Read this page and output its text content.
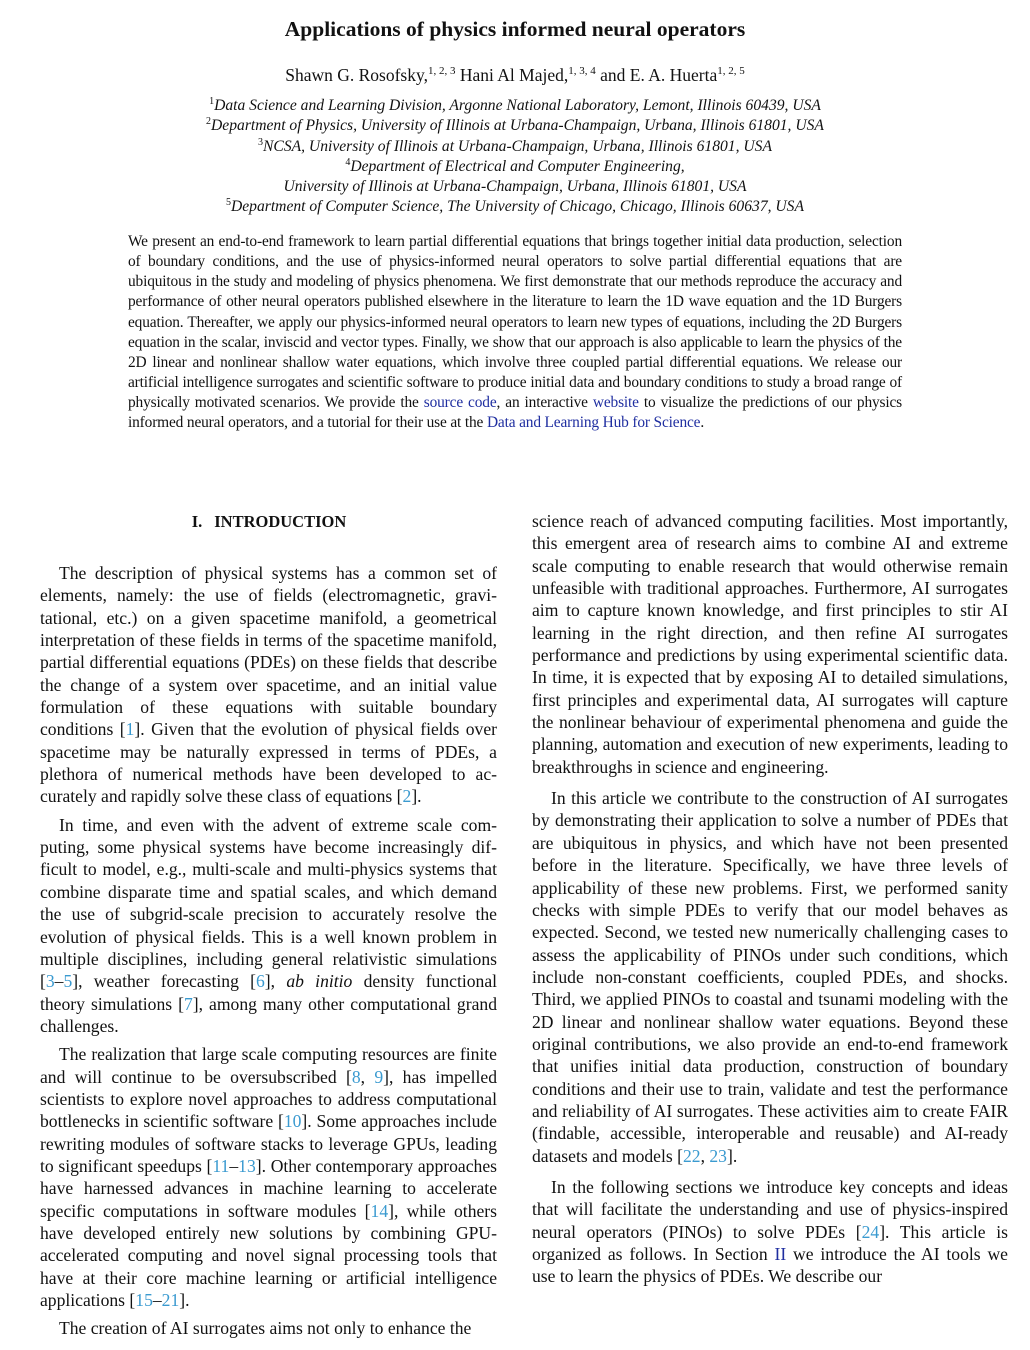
Applications of physics informed neural operators
Shawn G. Rosofsky,$^{1, 2, 3}$ Hani Al Majed,$^{1, 3, 4}$ and E. A. Huerta$^{1, 2, 5}$
$^1$Data Science and Learning Division, Argonne National Laboratory, Lemont, Illinois 60439, USA
$^2$Department of Physics, University of Illinois at Urbana-Champaign, Urbana, Illinois 61801, USA
$^3$NCSA, University of Illinois at Urbana-Champaign, Urbana, Illinois 61801, USA
$^4$Department of Electrical and Computer Engineering,
University of Illinois at Urbana-Champaign, Urbana, Illinois 61801, USA
$^5$Department of Computer Science, The University of Chicago, Chicago, Illinois 60637, USA
We present an end-to-end framework to learn partial differential equations that brings together initial data production, selection of boundary conditions, and the use of physics-informed neural operators to solve partial differential equations that are ubiquitous in the study and modeling of physics phenomena. We first demonstrate that our methods reproduce the accuracy and performance of other neural operators published elsewhere in the literature to learn the 1D wave equation and the 1D Burgers equation. Thereafter, we apply our physics-informed neural operators to learn new types of equations, including the 2D Burgers equation in the scalar, inviscid and vector types. Finally, we show that our approach is also applicable to learn the physics of the 2D linear and nonlinear shallow water equations, which involve three coupled partial differential equations. We release our artificial intelligence surrogates and scientific software to produce initial data and boundary conditions to study a broad range of physically motivated scenarios. We provide the source code, an interactive website to visualize the predictions of our physics informed neural operators, and a tutorial for their use at the Data and Learning Hub for Science.
I. INTRODUCTION

The description of physical systems has a common set of elements, namely: the use of fields (electromagnetic, gravitational, etc.) on a given spacetime manifold, a geometrical interpretation of these fields in terms of the spacetime manifold, partial differential equations (PDEs) on these fields that describe the change of a system over spacetime, and an initial value formulation of these equations with suitable boundary conditions [1]. Given that the evolution of physical fields over spacetime may be naturally expressed in terms of PDEs, a plethora of numerical methods have been developed to accurately and rapidly solve these class of equations [2].

In time, and even with the advent of extreme scale computing, some physical systems have become increasingly difficult to model, e.g., multi-scale and multi-physics systems that combine disparate time and spatial scales, and which demand the use of subgrid-scale precision to accurately resolve the evolution of physical fields. This is a well known problem in multiple disciplines, including general relativistic simulations [3–5], weather forecasting [6], ab initio density functional theory simulations [7], among many other computational grand challenges.

The realization that large scale computing resources are finite and will continue to be oversubscribed [8, 9], has impelled scientists to explore novel approaches to address computational bottlenecks in scientific software [10]. Some approaches include rewriting modules of software stacks to leverage GPUs, leading to significant speedups [11–13]. Other contemporary approaches have harnessed advances in machine learning to accelerate specific computations in software modules [14], while others have developed entirely new solutions by combining GPU-accelerated computing and novel signal processing tools that have at their core machine learning or artificial intelligence applications [15–21].

The creation of AI surrogates aims not only to enhance the

science reach of advanced computing facilities. Most importantly, this emergent area of research aims to combine AI and extreme scale computing to enable research that would otherwise remain unfeasible with traditional approaches. Furthermore, AI surrogates aim to capture known knowledge, and first principles to stir AI learning in the right direction, and then refine AI surrogates performance and predictions by using experimental scientific data. In time, it is expected that by exposing AI to detailed simulations, first principles and experimental data, AI surrogates will capture the nonlinear behaviour of experimental phenomena and guide the planning, automation and execution of new experiments, leading to breakthroughs in science and engineering.

In this article we contribute to the construction of AI surrogates by demonstrating their application to solve a number of PDEs that are ubiquitous in physics, and which have not been presented before in the literature. Specifically, we have three levels of applicability of these new problems. First, we performed sanity checks with simple PDEs to verify that our model behaves as expected. Second, we tested new numerically challenging cases to assess the applicability of PINOs under such conditions, which include non-constant coefficients, coupled PDEs, and shocks. Third, we applied PINOs to coastal and tsunami modeling with the 2D linear and nonlinear shallow water equations. Beyond these original contributions, we also provide an end-to-end framework that unifies initial data production, construction of boundary conditions and their use to train, validate and test the performance and reliability of AI surrogates. These activities aim to create FAIR (findable, accessible, interoperable and reusable) and AI-ready datasets and models [22, 23].

In the following sections we introduce key concepts and ideas that will facilitate the understanding and use of physics-inspired neural operators (PINOs) to solve PDEs [24]. This article is organized as follows. In Section II we introduce the AI tools we use to learn the physics of PDEs. We describe our
